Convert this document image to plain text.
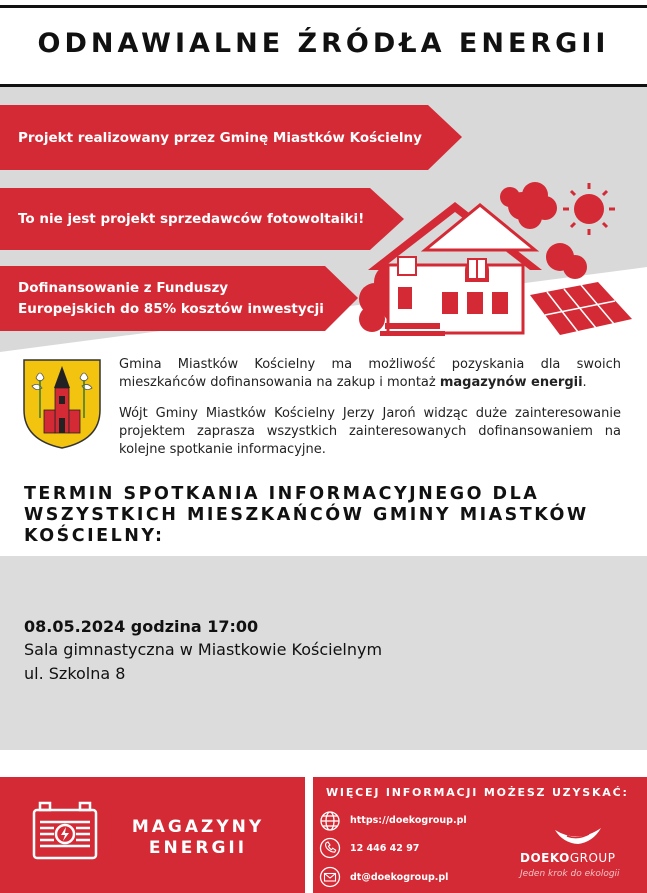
ODNAWIALNE ŹRÓDŁA ENERGII
Projekt realizowany przez Gminę Miastków Kościelny
To nie jest projekt sprzedawców fotowoltaiki!
Dofinansowanie z Funduszy
Europejskich do 85% kosztów inwestycji

Gmina Miastków Kościelny ma możliwość pozyskania dla swoich mieszkańców dofinansowania na zakup i montaż magazynów energii.

Wójt Gminy Miastków Kościelny Jerzy Jaroń widząc duże zainteresowanie projektem zaprasza wszystkich zainteresowanych dofinansowaniem na kolejne spotkanie informacyjne.

TERMIN SPOTKANIA INFORMACYJNEGO DLA
WSZYSTKICH MIESZKAŃCÓW GMINY MIASTKÓW
KOŚCIELNY:
08.05.2024 godzina 17:00
Sala gimnastyczna w Miastkowie Kościelnym
ul. Szkolna 8
MAGAZYNY
ENERGII
WIĘCEJ INFORMACJI MOŻESZ UZYSKAĆ:
https://doekogroup.pl
12 446 42 97
dt@doekogroup.pl
DOEKOGROUP
Jeden krok do ekologii
